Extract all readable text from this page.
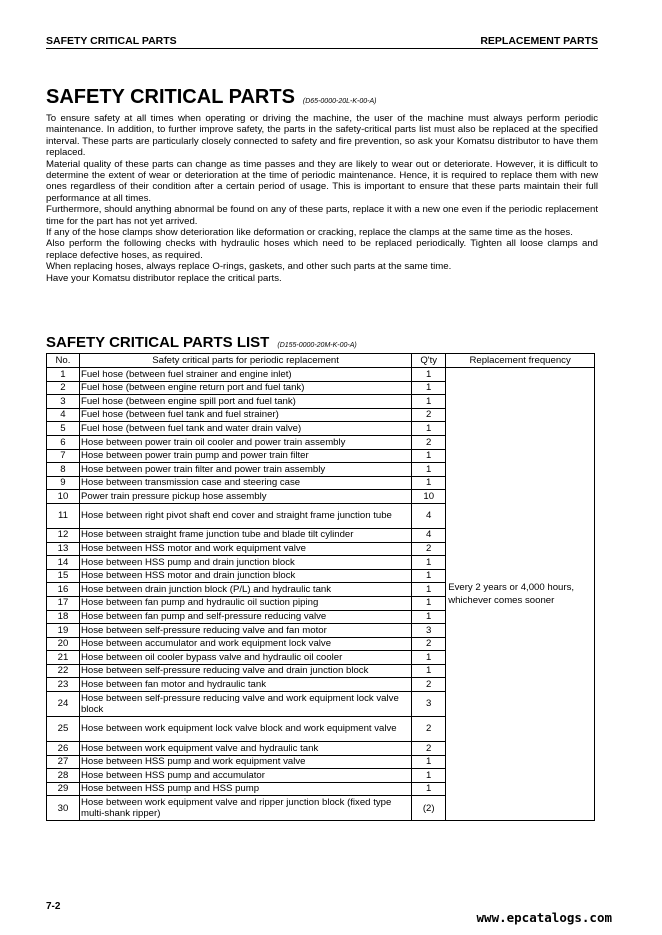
SAFETY CRITICAL PARTS	REPLACEMENT PARTS
SAFETY CRITICAL PARTS (D65-0000-20L-K-00-A)

To ensure safety at all times when operating or driving the machine, the user of the machine must always perform periodic maintenance. In addition, to further improve safety, the parts in the safety-critical parts list must also be replaced at the specified interval. These parts are particularly closely connected to safety and fire prevention, so ask your Komatsu distributor to have them replaced.

Material quality of these parts can change as time passes and they are likely to wear out or deteriorate. However, it is difficult to determine the extent of wear or deterioration at the time of periodic maintenance. Hence, it is required to replace them with new ones regardless of their condition after a certain period of usage. This is important to ensure that these parts maintain their full performance at all times.

Furthermore, should anything abnormal be found on any of these parts, replace it with a new one even if the periodic replacement time for the part has not yet arrived.

If any of the hose clamps show deterioration like deformation or cracking, replace the clamps at the same time as the hoses.

Also perform the following checks with hydraulic hoses which need to be replaced periodically. Tighten all loose clamps and replace defective hoses, as required.

When replacing hoses, always replace O-rings, gaskets, and other such parts at the same time.

Have your Komatsu distributor replace the critical parts.

SAFETY CRITICAL PARTS LIST (D155-0000-20M-K-00-A)
No.	Safety critical parts for periodic replacement	Q'ty	Replacement frequency
1	Fuel hose (between fuel strainer and engine inlet)	1	Every 2 years or 4,000 hours, whichever comes sooner
2	Fuel hose (between engine return port and fuel tank)	1	
3	Fuel hose (between engine spill port and fuel tank)	1	
4	Fuel hose (between fuel tank and fuel strainer)	2	
5	Fuel hose (between fuel tank and water drain valve)	1	
6	Hose between power train oil cooler and power train assembly	2	
7	Hose between power train pump and power train filter	1	
8	Hose between power train filter and power train assembly	1	
9	Hose between transmission case and steering case	1	
10	Power train pressure pickup hose assembly	10	
11	Hose between right pivot shaft end cover and straight frame junction tube	4	
12	Hose between straight frame junction tube and blade tilt cylinder	4	
13	Hose between HSS motor and work equipment valve	2	
14	Hose between HSS pump and drain junction block	1	
15	Hose between HSS motor and drain junction block	1	
16	Hose between drain junction block (P/L) and hydraulic tank	1	
17	Hose between fan pump and hydraulic oil suction piping	1	
18	Hose between fan pump and self-pressure reducing valve	1	
19	Hose between self-pressure reducing valve and fan motor	3	
20	Hose between accumulator and work equipment lock valve	2	
21	Hose between oil cooler bypass valve and hydraulic oil cooler	1	
22	Hose between self-pressure reducing valve and drain junction block	1	
23	Hose between fan motor and hydraulic tank	2	
24	Hose between self-pressure reducing valve and work equipment lock valve block	3	
25	Hose between work equipment lock valve block and work equipment valve	2	
26	Hose between work equipment valve and hydraulic tank	2	
27	Hose between HSS pump and work equipment valve	1	
28	Hose between HSS pump and accumulator	1	
29	Hose between HSS pump and HSS pump	1	
30	Hose between work equipment valve and ripper junction block (fixed type multi-shank ripper)	(2)	
7-2
www.epcatalogs.com
